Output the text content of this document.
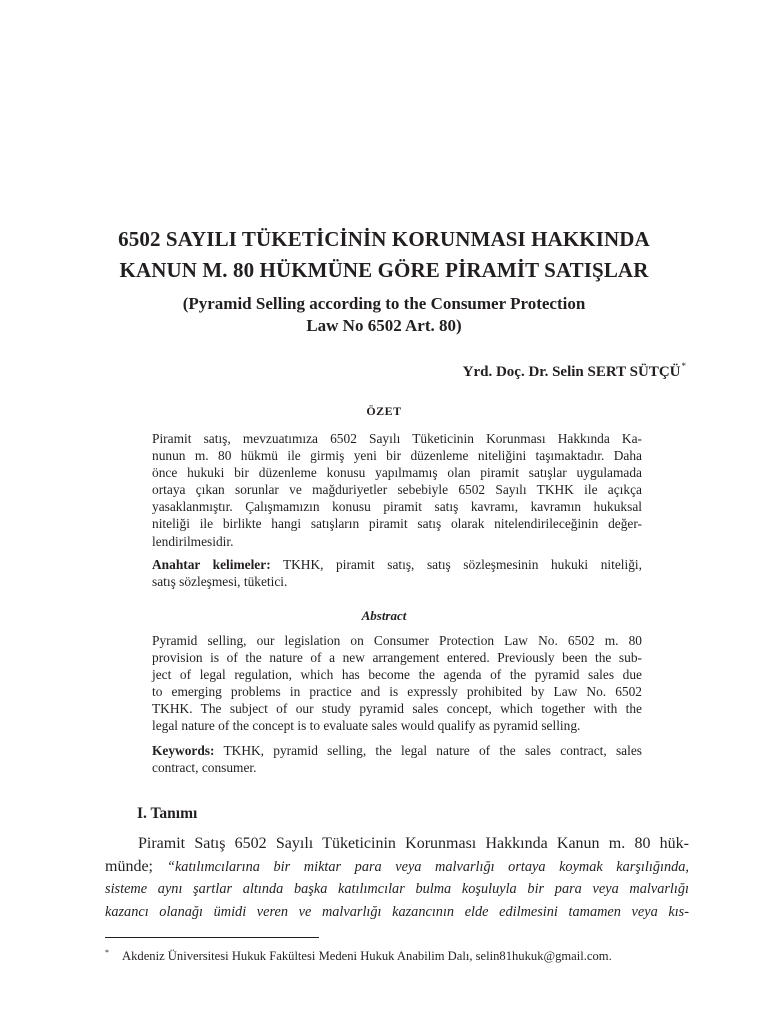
6502 SAYILI TÜKETİCİNİN KORUNMASI HAKKINDA
KANUN M. 80 HÜKMÜNE GÖRE PİRAMİT SATIŞLAR
(Pyramid Selling according to the Consumer Protection
Law No 6502 Art. 80)
Yrd. Doç. Dr. Selin SERT SÜTÇÜ*
ÖZET
Piramit satış, mevzuatımıza 6502 Sayılı Tüketicinin Korunması Hakkında Ka-
nunun m. 80 hükmü ile girmiş yeni bir düzenleme niteliğini taşımaktadır. Daha
önce hukuki bir düzenleme konusu yapılmamış olan piramit satışlar uygulamada
ortaya çıkan sorunlar ve mağduriyetler sebebiyle 6502 Sayılı TKHK ile açıkça
yasaklanmıştır. Çalışmamızın konusu piramit satış kavramı, kavramın hukuksal
niteliği ile birlikte hangi satışların piramit satış olarak nitelendirileceğinin değer-
lendirilmesidir.
Anahtar kelimeler: TKHK, piramit satış, satış sözleşmesinin hukuki niteliği,
satış sözleşmesi, tüketici.
Abstract
Pyramid selling, our legislation on Consumer Protection Law No. 6502 m. 80
provision is of the nature of a new arrangement entered. Previously been the sub-
ject of legal regulation, which has become the agenda of the pyramid sales due
to emerging problems in practice and is expressly prohibited by Law No. 6502
TKHK. The subject of our study pyramid sales concept, which together with the
legal nature of the concept is to evaluate sales would qualify as pyramid selling.
Keywords: TKHK, pyramid selling, the legal nature of the sales contract, sales
contract, consumer.
I. Tanımı
Piramit Satış 6502 Sayılı Tüketicinin Korunması Hakkında Kanun m. 80 hük-
münde; “katılımcılarına bir miktar para veya malvarlığı ortaya koymak karşılığında,
sisteme aynı şartlar altında başka katılımcılar bulma koşuluyla bir para veya malvarlığı
kazancı olanağı ümidi veren ve malvarlığı kazancının elde edilmesini tamamen veya kıs-
* Akdeniz Üniversitesi Hukuk Fakültesi Medeni Hukuk Anabilim Dalı, selin81hukuk@gmail.com.
